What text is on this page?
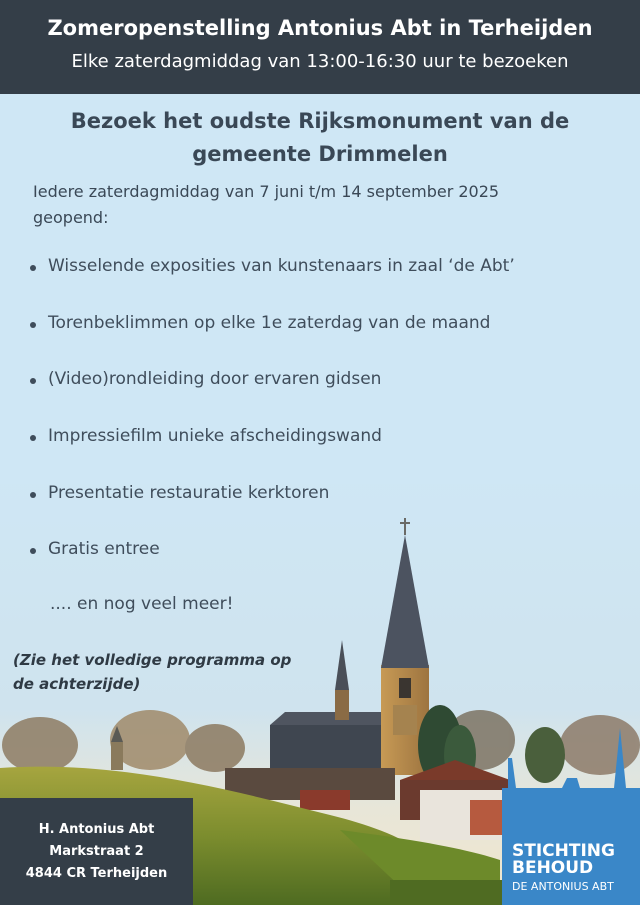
Zomeropenstelling Antonius Abt in Terheijden
Elke zaterdagmiddag van 13:00-16:30 uur te bezoeken
Bezoek het oudste Rijksmonument van de
gemeente Drimmelen
Iedere zaterdagmiddag van 7 juni t/m 14 september 2025
geopend:
Wisselende exposities van kunstenaars in zaal ‘de Abt’
Torenbeklimmen op elke 1e zaterdag van de maand
(Video)rondleiding door ervaren gidsen
Impressiefilm unieke afscheidingswand
Presentatie restauratie kerktoren
Gratis entree
.... en nog veel meer!
(Zie het volledige programma op
de achterzijde)
H. Antonius Abt
Markstraat 2
4844 CR Terheijden
STICHTING
BEHOUD
DE ANTONIUS ABT
